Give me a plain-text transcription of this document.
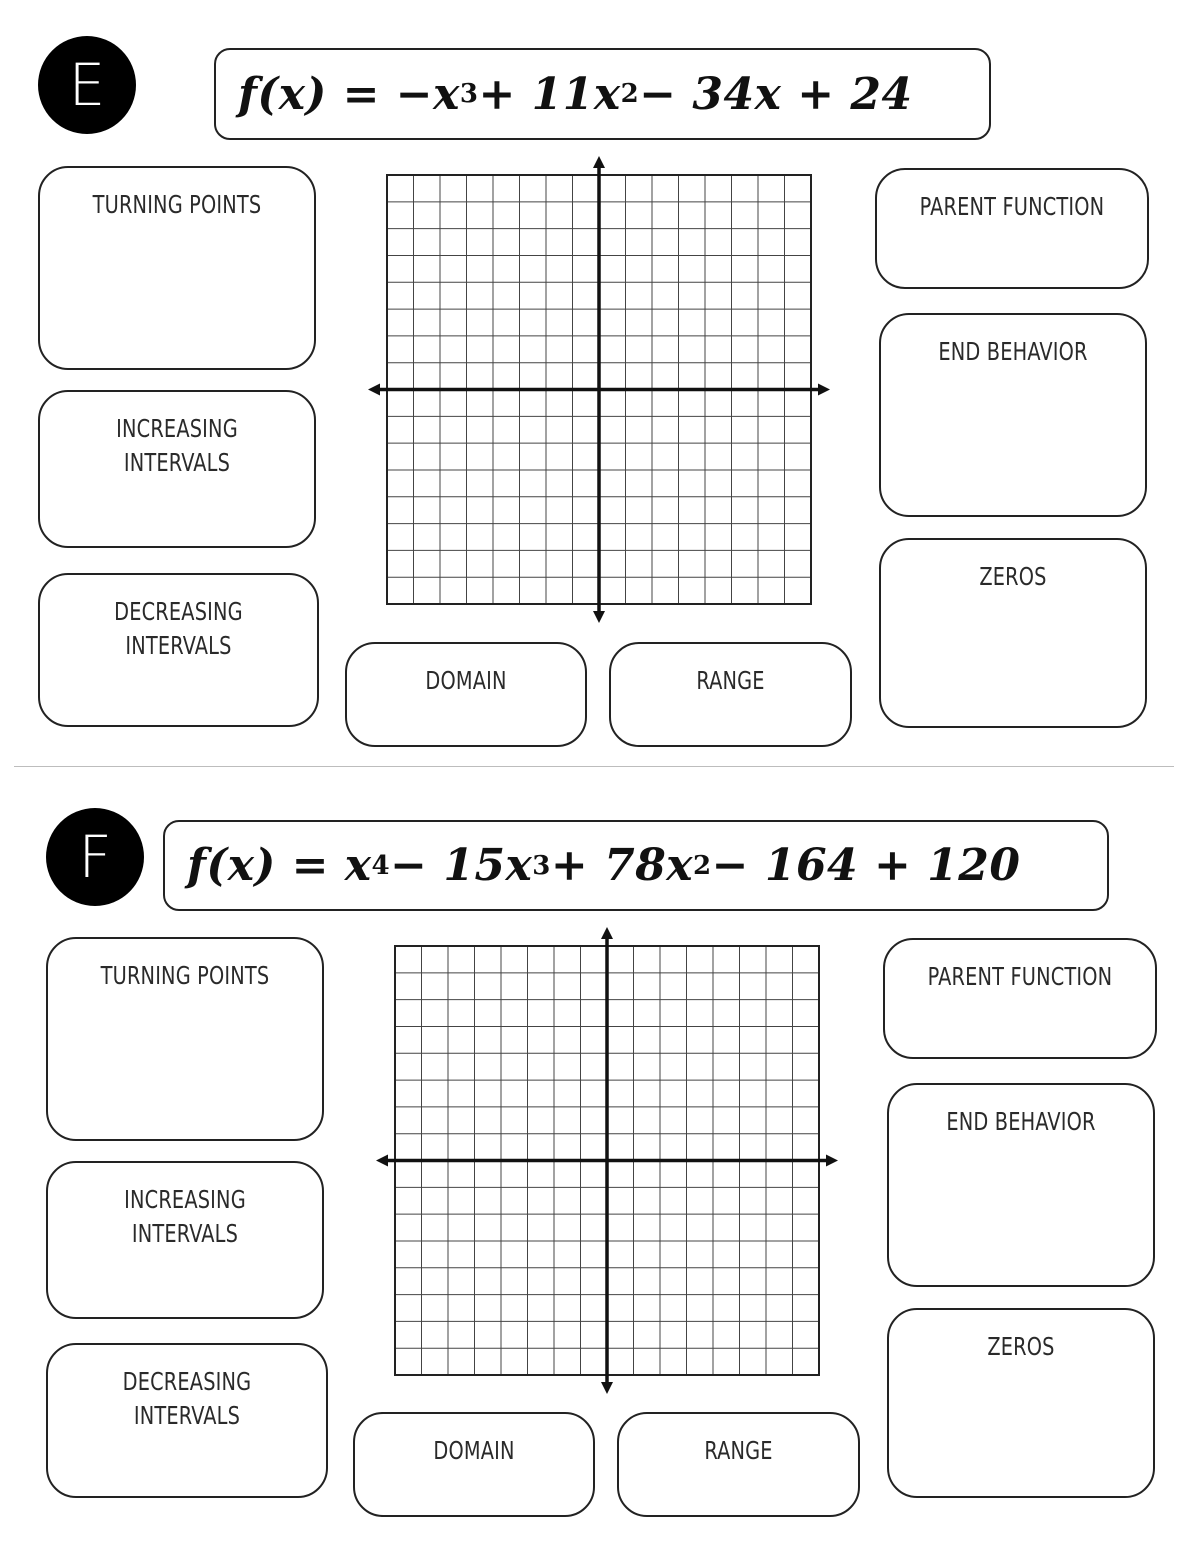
E	f(x) = −x 3 + 11x 2 − 34x + 24
TURNING POINTS
INCREASING
INTERVALS
DECREASING
INTERVALS
DOMAIN	RANGE
PARENT FUNCTION
END BEHAVIOR
ZEROS
F f(x) = x 4 − 15x 3 + 78x 2 − 164 + 120
TURNING POINTS
INCREASING
INTERVALS
DECREASING
INTERVALS
DOMAIN	RANGE
PARENT FUNCTION
END BEHAVIOR
ZEROS
